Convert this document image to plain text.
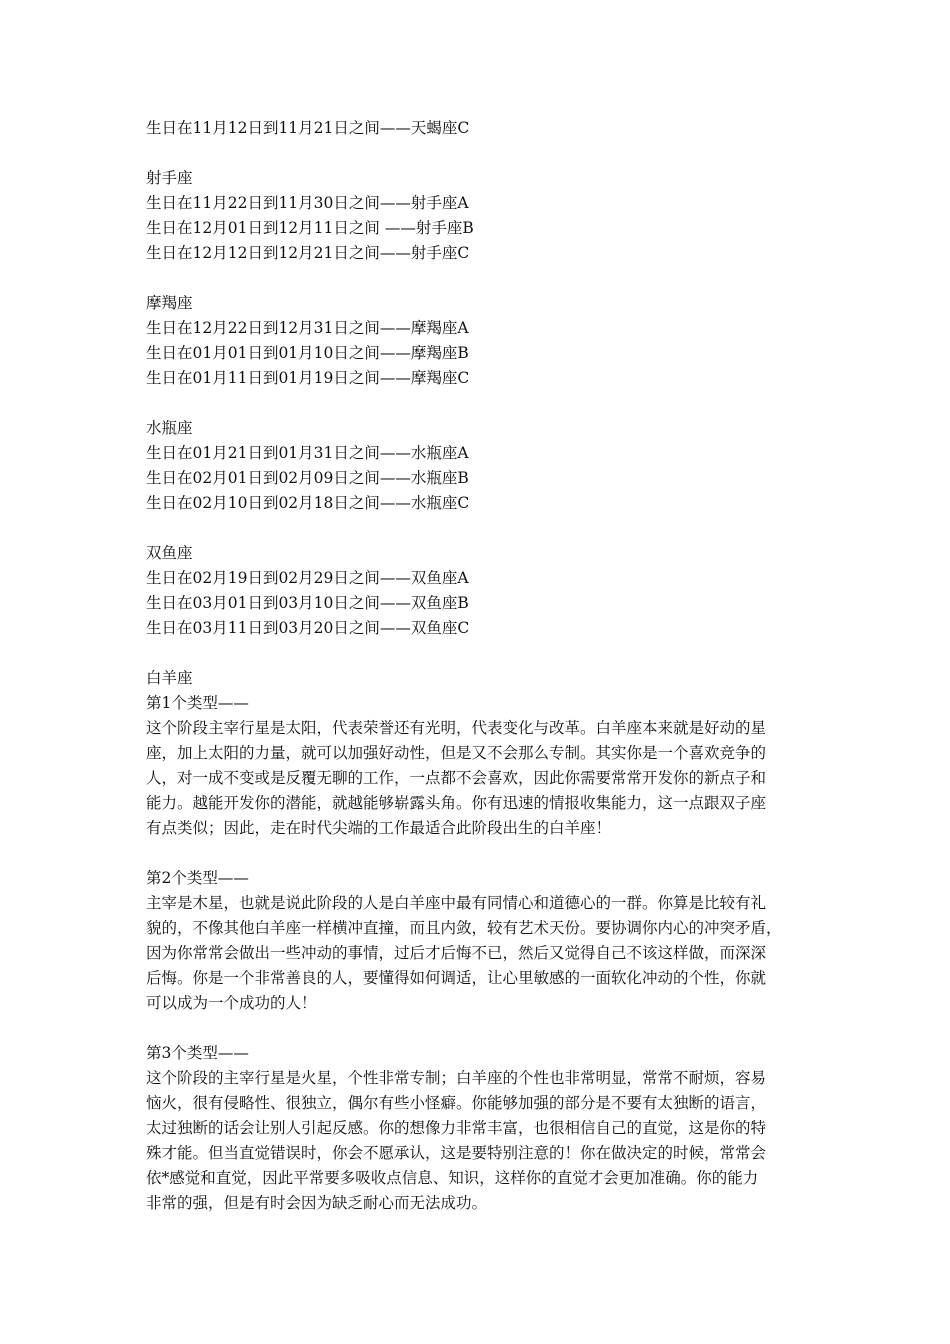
生日在11月12日到11月21日之间——天蝎座C

射手座

生日在11月22日到11月30日之间——射手座A

生日在12月01日到12月11日之间 ——射手座B

生日在12月12日到12月21日之间——射手座C

摩羯座

生日在12月22日到12月31日之间——摩羯座A

生日在01月01日到01月10日之间——摩羯座B

生日在01月11日到01月19日之间——摩羯座C

水瓶座

生日在01月21日到01月31日之间——水瓶座A

生日在02月01日到02月09日之间——水瓶座B

生日在02月10日到02月18日之间——水瓶座C

双鱼座

生日在02月19日到02月29日之间——双鱼座A

生日在03月01日到03月10日之间——双鱼座B

生日在03月11日到03月20日之间——双鱼座C

白羊座

第1个类型——

这个阶段主宰行星是太阳，代表荣誉还有光明，代表变化与改革。白羊座本来就是好动的星

座，加上太阳的力量，就可以加强好动性，但是又不会那么专制。其实你是一个喜欢竞争的

人，对一成不变或是反覆无聊的工作，一点都不会喜欢，因此你需要常常开发你的新点子和

能力。越能开发你的潜能，就越能够崭露头角。你有迅速的情报收集能力，这一点跟双子座

有点类似；因此，走在时代尖端的工作最适合此阶段出生的白羊座！

第2个类型——

主宰是木星，也就是说此阶段的人是白羊座中最有同情心和道德心的一群。你算是比较有礼

貌的，不像其他白羊座一样横冲直撞，而且内敛，较有艺术天份。要协调你内心的冲突矛盾，

因为你常常会做出一些冲动的事情，过后才后悔不已，然后又觉得自己不该这样做，而深深

后悔。你是一个非常善良的人，要懂得如何调适，让心里敏感的一面软化冲动的个性，你就

可以成为一个成功的人！

第3个类型——

这个阶段的主宰行星是火星，个性非常专制；白羊座的个性也非常明显，常常不耐烦，容易

恼火，很有侵略性、很独立，偶尔有些小怪癖。你能够加强的部分是不要有太独断的语言，

太过独断的话会让别人引起反感。你的想像力非常丰富，也很相信自己的直觉，这是你的特

殊才能。但当直觉错误时，你会不愿承认，这是要特别注意的！你在做决定的时候，常常会

依*感觉和直觉，因此平常要多吸收点信息、知识，这样你的直觉才会更加准确。你的能力

非常的强，但是有时会因为缺乏耐心而无法成功。
